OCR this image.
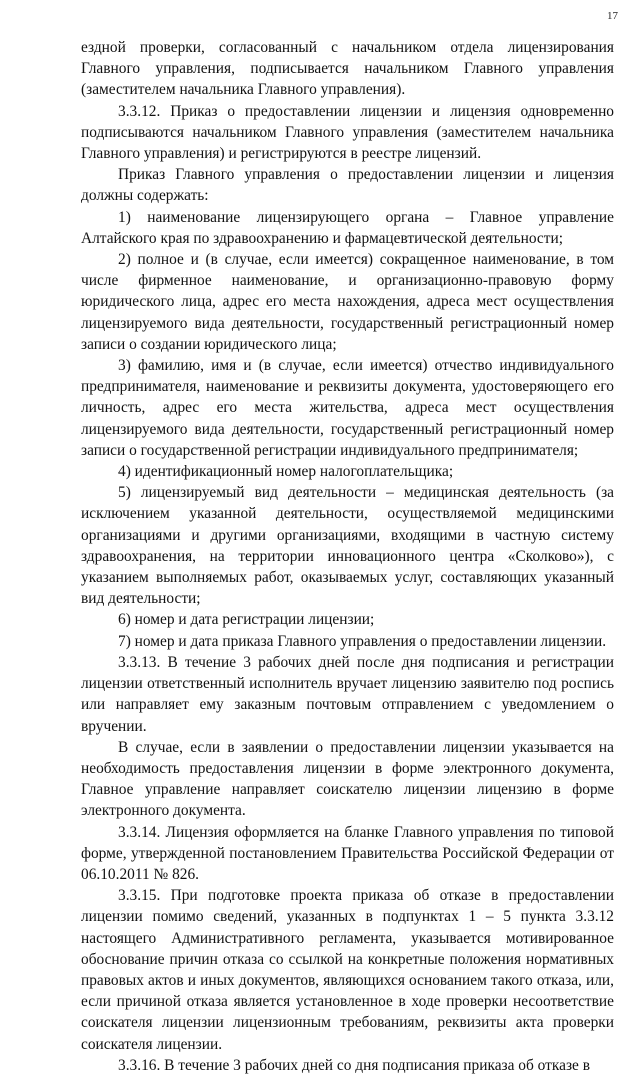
17

ездной проверки, согласованный с начальником отдела лицензирования Главного управления, подписывается начальником Главного управления (заместителем начальника Главного управления).

3.3.12. Приказ о предоставлении лицензии и лицензия одновременно подписываются начальником Главного управления (заместителем начальника Главного управления) и регистрируются в реестре лицензий.

Приказ Главного управления о предоставлении лицензии и лицензия должны содержать:

1) наименование лицензирующего органа – Главное управление Алтайского края по здравоохранению и фармацевтической деятельности;

2) полное и (в случае, если имеется) сокращенное наименование, в том числе фирменное наименование, и организационно-правовую форму юридического лица, адрес его места нахождения, адреса мест осуществления лицензируемого вида деятельности, государственный регистрационный номер записи о создании юридического лица;

3) фамилию, имя и (в случае, если имеется) отчество индивидуального предпринимателя, наименование и реквизиты документа, удостоверяющего его личность, адрес его места жительства, адреса мест осуществления лицензируемого вида деятельности, государственный регистрационный номер записи о государственной регистрации индивидуального предпринимателя;

4) идентификационный номер налогоплательщика;

5) лицензируемый вид деятельности – медицинская деятельность (за исключением указанной деятельности, осуществляемой медицинскими организациями и другими организациями, входящими в частную систему здравоохранения, на территории инновационного центра «Сколково»), с указанием выполняемых работ, оказываемых услуг, составляющих указанный вид деятельности;

6) номер и дата регистрации лицензии;

7) номер и дата приказа Главного управления о предоставлении лицензии.

3.3.13. В течение 3 рабочих дней после дня подписания и регистрации лицензии ответственный исполнитель вручает лицензию заявителю под роспись или направляет ему заказным почтовым отправлением с уведомлением о вручении.

В случае, если в заявлении о предоставлении лицензии указывается на необходимость предоставления лицензии в форме электронного документа, Главное управление направляет соискателю лицензии лицензию в форме электронного документа.

3.3.14. Лицензия оформляется на бланке Главного управления по типовой форме, утвержденной постановлением Правительства Российской Федерации от 06.10.2011 № 826.

3.3.15. При подготовке проекта приказа об отказе в предоставлении лицензии помимо сведений, указанных в подпунктах 1 – 5 пункта 3.3.12 настоящего Административного регламента, указывается мотивированное обоснование причин отказа со ссылкой на конкретные положения нормативных правовых актов и иных документов, являющихся основанием такого отказа, или, если причиной отказа является установленное в ходе проверки несоответствие соискателя лицензии лицензионным требованиям, реквизиты акта проверки соискателя лицензии.

3.3.16. В течение 3 рабочих дней со дня подписания приказа об отказе в
